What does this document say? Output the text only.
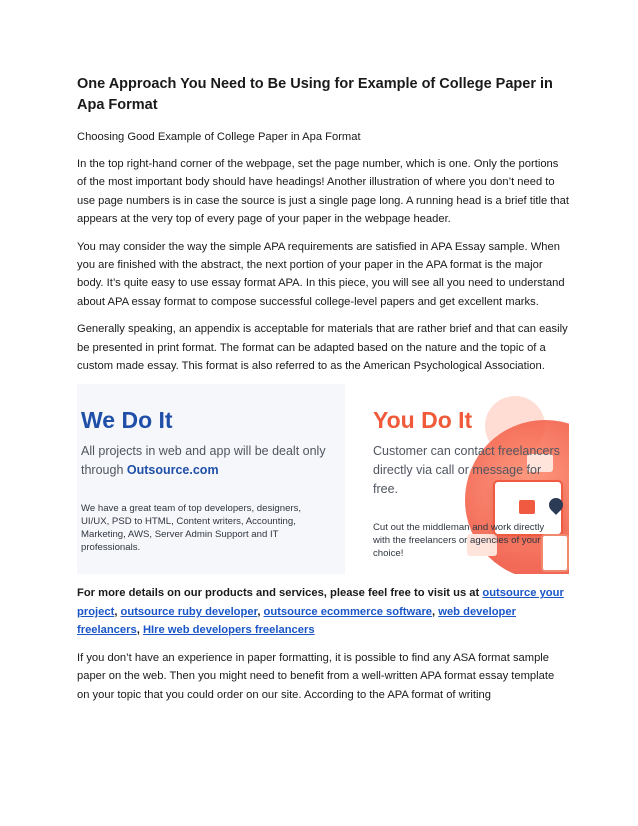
One Approach You Need to Be Using for Example of College Paper in Apa Format
Choosing Good Example of College Paper in Apa Format

In the top right-hand corner of the webpage, set the page number, which is one. Only the portions of the most important body should have headings! Another illustration of where you don’t need to use page numbers is in case the source is just a single page long. A running head is a brief title that appears at the very top of every page of your paper in the webpage header.

You may consider the way the simple APA requirements are satisfied in APA Essay sample. When you are finished with the abstract, the next portion of your paper in the APA format is the major body. It’s quite easy to use essay format APA. In this piece, you will see all you need to understand about APA essay format to compose successful college-level papers and get excellent marks.

Generally speaking, an appendix is acceptable for materials that are rather brief and that can easily be presented in print format. The format can be adapted based on the nature and the topic of a custom made essay. This format is also referred to as the American Psychological Association.

We Do It
All projects in web and app will be dealt only through Outsource.com
We have a great team of top developers, designers, UI/UX, PSD to HTML, Content writers, Accounting, Marketing, AWS, Server Admin Support and IT professionals.
You Do It
Customer can contact freelancers directly via call or message for free.
Cut out the middleman and work directly with the freelancers or agencies of your choice!

For more details on our products and services, please feel free to visit us at outsource your project, outsource ruby developer, outsource ecommerce software, web developer freelancers, HIre web developers freelancers

If you don’t have an experience in paper formatting, it is possible to find any ASA format sample paper on the web. Then you might need to benefit from a well-written APA format essay template on your topic that you could order on our site. According to the APA format of writing
